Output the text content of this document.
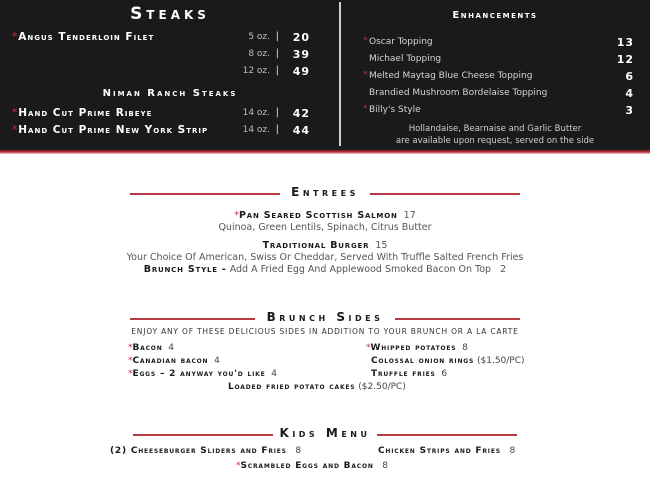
Steaks
*Angus Tenderloin Filet	5 oz. | 20
8 oz. | 39
12 oz. | 49
Niman Ranch Steaks
*Hand Cut Prime Ribeye	14 oz. | 42
*Hand Cut Prime New York Strip	14 oz. | 44
Enhancements
* Oscar Topping	13
Michael Topping	12
* Melted Maytag Blue Cheese Topping	6
Brandied Mushroom Bordelaise Topping	4
* Billy's Style	3
Hollandaise, Bearnaise and Garlic Butter
are available upon request, served on the side
Entrees
*Pan Seared Scottish Salmon 17
Quinoa, Green Lentils, Spinach, Citrus Butter
Traditional Burger 15
Your Choice Of American, Swiss Or Cheddar, Served With Truffle Salted French Fries
Brunch Style - Add A Fried Egg And Applewood Smoked Bacon On Top 2
Brunch Sides
ENJOY ANY OF THESE DELICIOUS SIDES IN ADDITION TO YOUR BRUNCH OR A LA CARTE
*Bacon 4
*Canadian bacon 4
*Eggs – 2 anyway you'd like 4
*Whipped potatoes 8
Colossal onion rings ($1.50/PC)
Truffle fries 6
Loaded fried potato cakes ($2.50/PC)
Kids Menu
(2) Cheeseburger Sliders and Fries 8	Chicken Strips and Fries 8
*Scrambled Eggs and Bacon 8
